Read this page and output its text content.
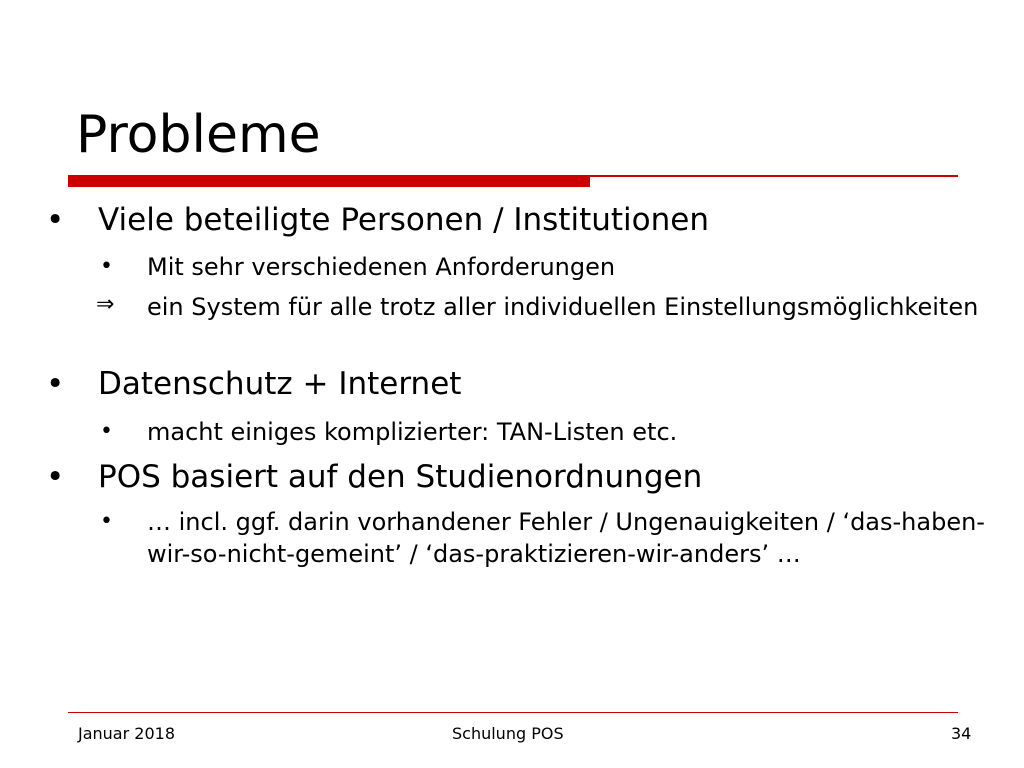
Probleme
• Viele beteiligte Personen / Institutionen
• Mit sehr verschiedenen Anforderungen
⇒ ein System für alle trotz aller individuellen Einstellungsmöglichkeiten
• Datenschutz + Internet
• macht einiges komplizierter: TAN-Listen etc.
• POS basiert auf den Studienordnungen
• … incl. ggf. darin vorhandener Fehler / Ungenauigkeiten / ‘das-haben-wir-so-nicht-gemeint’ / ‘das-praktizieren-wir-anders’ …
Januar 2018	Schulung POS	34
